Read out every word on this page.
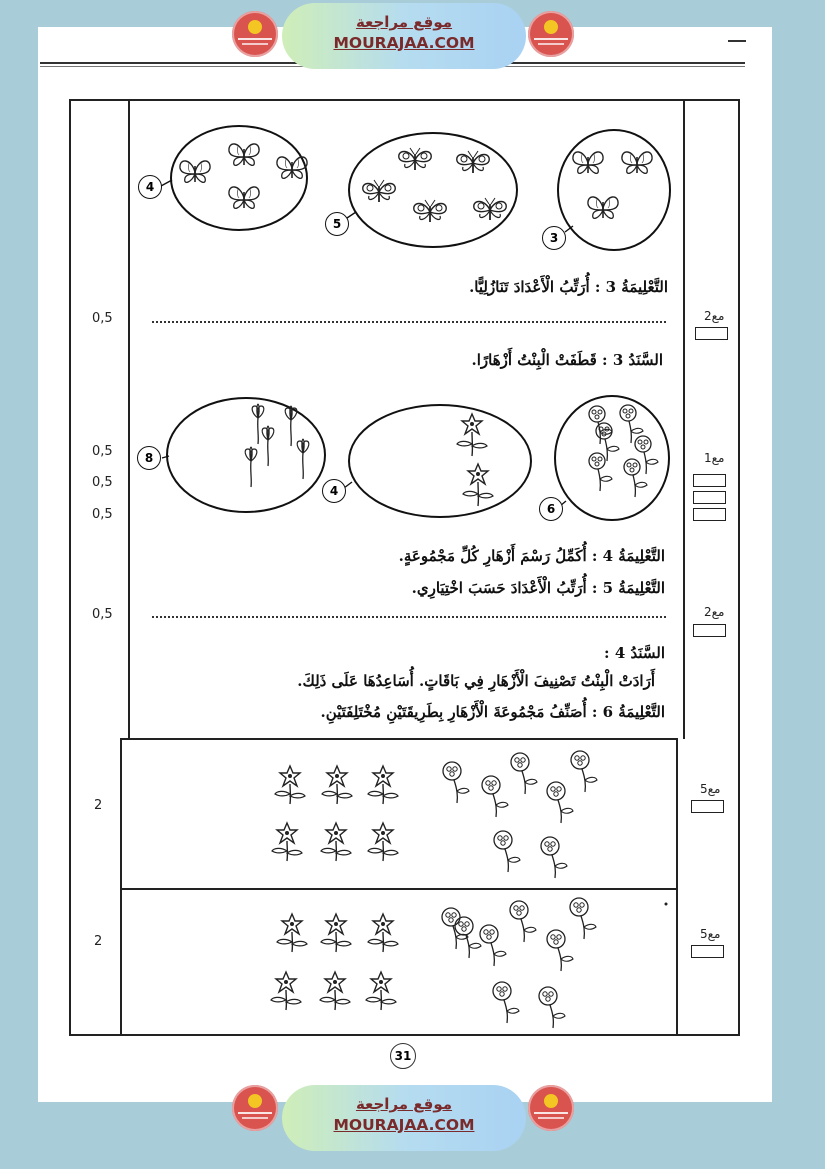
موقع مراجعة
MOURAJAA.COM
0,5
0,5
0,5
0,5
0,5
2
2
مع2
مع1
مع2
مع5
مع5
4
5
3
التَّعْلِيمَةُ 3 : أُرَتِّبُ الْأَعْدَادَ تَنَازُلِيًّا.
السَّنَدُ 3 : قَطَفَتْ الْبِنْتُ أَزْهَارًا.
8
4
6
التَّعْلِيمَةُ 4 : أُكَمِّلُ رَسْمَ أَزْهَارِ كُلِّ مَجْمُوعَةٍ.
التَّعْلِيمَةُ 5 : أُرَتِّبُ الْأَعْدَادَ حَسَبَ اخْتِيَارِي.
السَّنَدُ 4 :
أَرَادَتْ الْبِنْتُ تَصْنِيفَ الْأَزْهَارِ فِي بَاقَاتٍ. أُسَاعِدُهَا عَلَى ذَلِكَ.
التَّعْلِيمَةُ 6 : أُصَنِّفُ مَجْمُوعَةَ الْأَزْهَارِ بِطَرِيقَتَيْنِ مُخْتَلِفَتَيْنِ.
31
موقع مراجعة
MOURAJAA.COM
